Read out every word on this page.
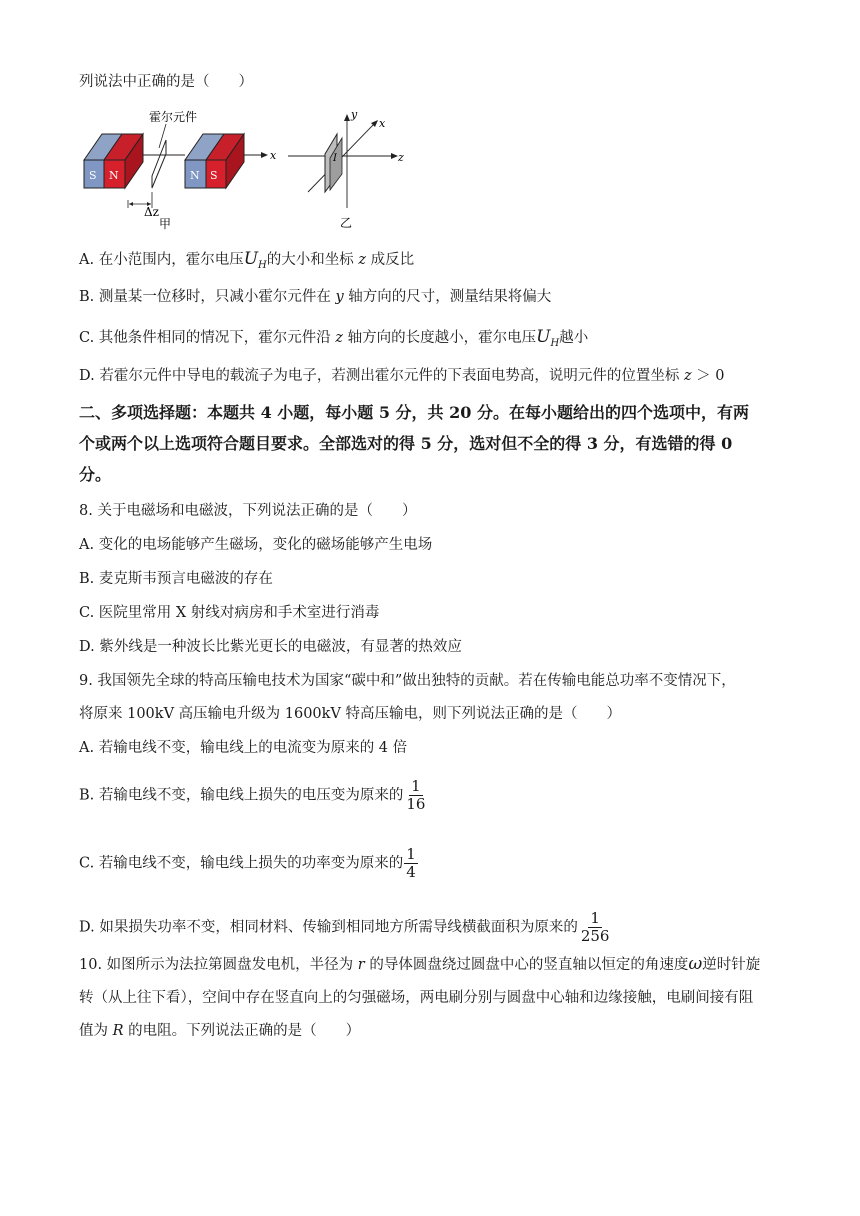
列说法中正确的是（　　）
S N
霍尔元件
Δz
甲
N S
x	z
y
x
I
乙
A. 在小范围内，霍尔电压$U_H$的大小和坐标 z 成反比
B. 测量某一位移时，只减小霍尔元件在 y 轴方向的尺寸，测量结果将偏大
C. 其他条件相同的情况下，霍尔元件沿 z 轴方向的长度越小，霍尔电压$U_H$越小
D. 若霍尔元件中导电的载流子为电子，若测出霍尔元件的下表面电势高，说明元件的位置坐标 z ＞ 0
二、多项选择题：本题共 4 小题，每小题 5 分，共 20 分。在每小题给出的四个选项中，有两
个或两个以上选项符合题目要求。全部选对的得 5 分，选对但不全的得 3 分，有选错的得 0
分。
8. 关于电磁场和电磁波，下列说法正确的是（　　）
A. 变化的电场能够产生磁场，变化的磁场能够产生电场
B. 麦克斯韦预言电磁波的存在
C. 医院里常用 X 射线对病房和手术室进行消毒
D. 紫外线是一种波长比紫光更长的电磁波，有显著的热效应
9. 我国领先全球的特高压输电技术为国家“碳中和”做出独特的贡献。若在传输电能总功率不变情况下，
将原来 100kV 高压输电升级为 1600kV 特高压输电，则下列说法正确的是（　　）
A. 若输电线不变，输电线上的电流变为原来的 4 倍
B. 若输电线不变，输电线上损失的电压变为原来的 $\frac{1}{16}$
C. 若输电线不变，输电线上损失的功率变为原来的 $\frac{1}{4}$
D. 如果损失功率不变，相同材料、传输到相同地方所需导线横截面积为原来的 $\frac{1}{256}$
10. 如图所示为法拉第圆盘发电机，半径为 r 的导体圆盘绕过圆盘中心的竖直轴以恒定的角速度ω逆时针旋
转（从上往下看），空间中存在竖直向上的匀强磁场，两电刷分别与圆盘中心轴和边缘接触，电刷间接有阻
值为 R 的电阻。下列说法正确的是（　　）
